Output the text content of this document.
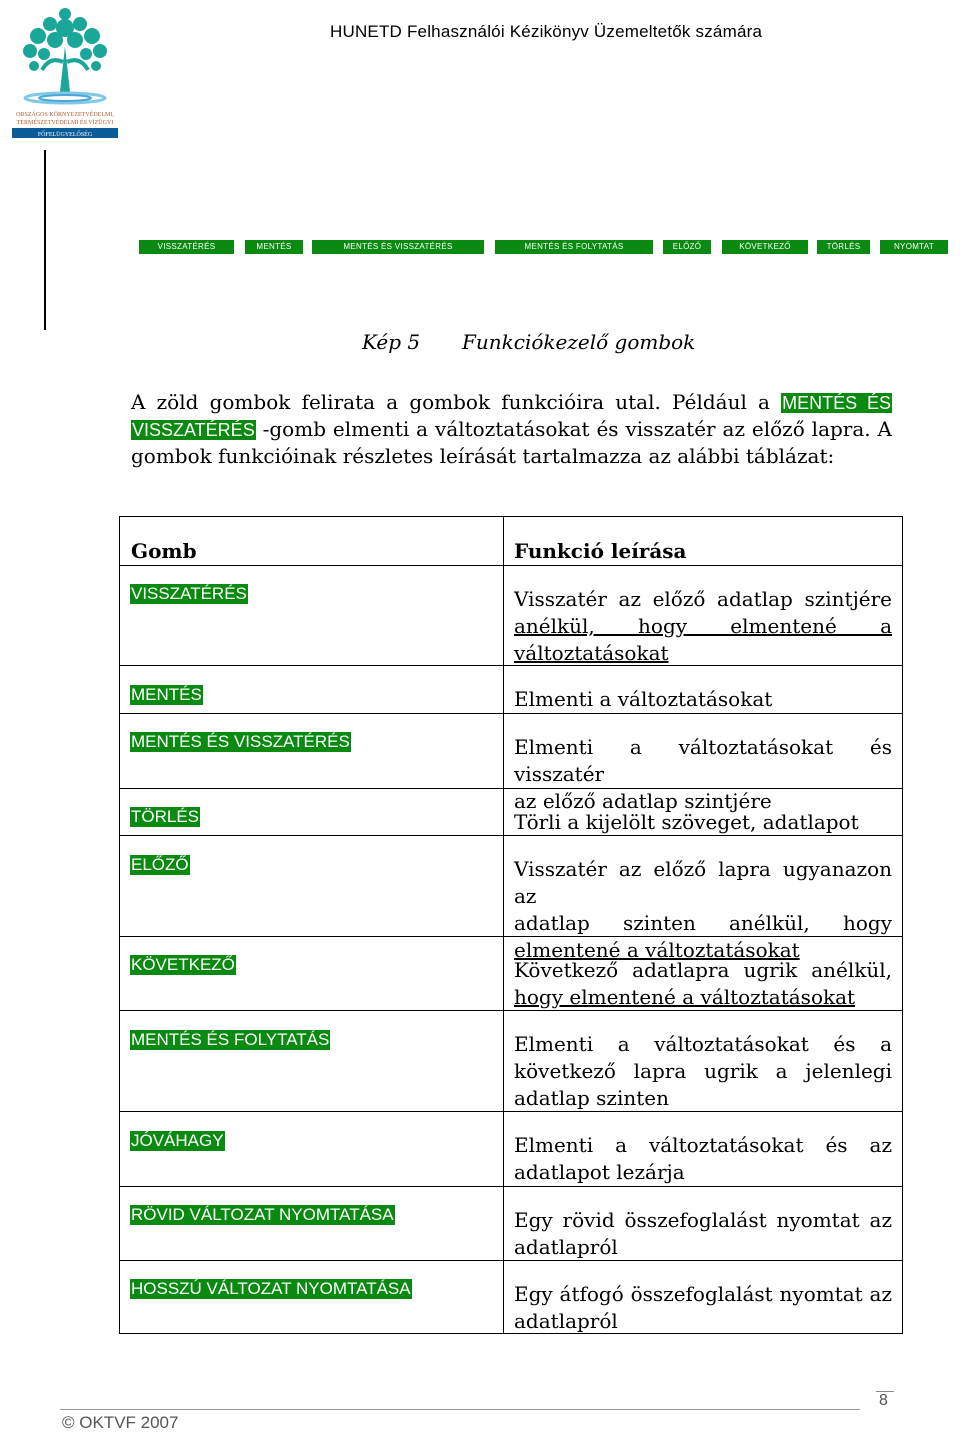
ORSZÁGOS KÖRNYEZETVÉDELMI,
TERMÉSZETVÉDELMI ÉS VÍZÜGYI
FŐFELÜGYELŐSÉG
HUNETD Felhasználói Kézikönyv Üzemeltetők számára
VISSZATÉRÉS	MENTÉS	MENTÉS ÉS VISSZATÉRÉS	MENTÉS ÉS FOLYTATÁS	ELŐZŐ	KÖVETKEZŐ	TÖRLÉS	NYOMTAT
Kép 5 Funkciókezelő gombok
A zöld gombok felirata a gombok funkcióira utal. Például a MENTÉS ÉS
VISSZATÉRÉS -gomb elmenti a változtatásokat és visszatér az előző lapra. A
gombok funkcióinak részletes leírását tartalmazza az alábbi táblázat:
Gomb	Funkció leírása
VISSZATÉRÉS	Visszatér az előző adatlap szintjére
anélkül, hogy elmentené a
változtatásokat
MENTÉS	Elmenti a változtatásokat
MENTÉS ÉS VISSZATÉRÉS	Elmenti a változtatásokat és visszatér
az előző adatlap szintjére
TÖRLÉS	Törli a kijelölt szöveget, adatlapot
ELŐZŐ	Visszatér az előző lapra ugyanazon az
adatlap szinten anélkül, hogy
elmentené a változtatásokat
KÖVETKEZŐ	Következő adatlapra ugrik anélkül,
hogy elmentené a változtatásokat
MENTÉS ÉS FOLYTATÁS	Elmenti a változtatásokat és a
következő lapra ugrik a jelenlegi
adatlap szinten
JÓVÁHAGY	Elmenti a változtatásokat és az
adatlapot lezárja
RÖVID VÁLTOZAT NYOMTATÁSA	Egy rövid összefoglalást nyomtat az
adatlapról
HOSSZÚ VÁLTOZAT NYOMTATÁSA	Egy átfogó összefoglalást nyomtat az
adatlapról
© OKTVF 2007
8
